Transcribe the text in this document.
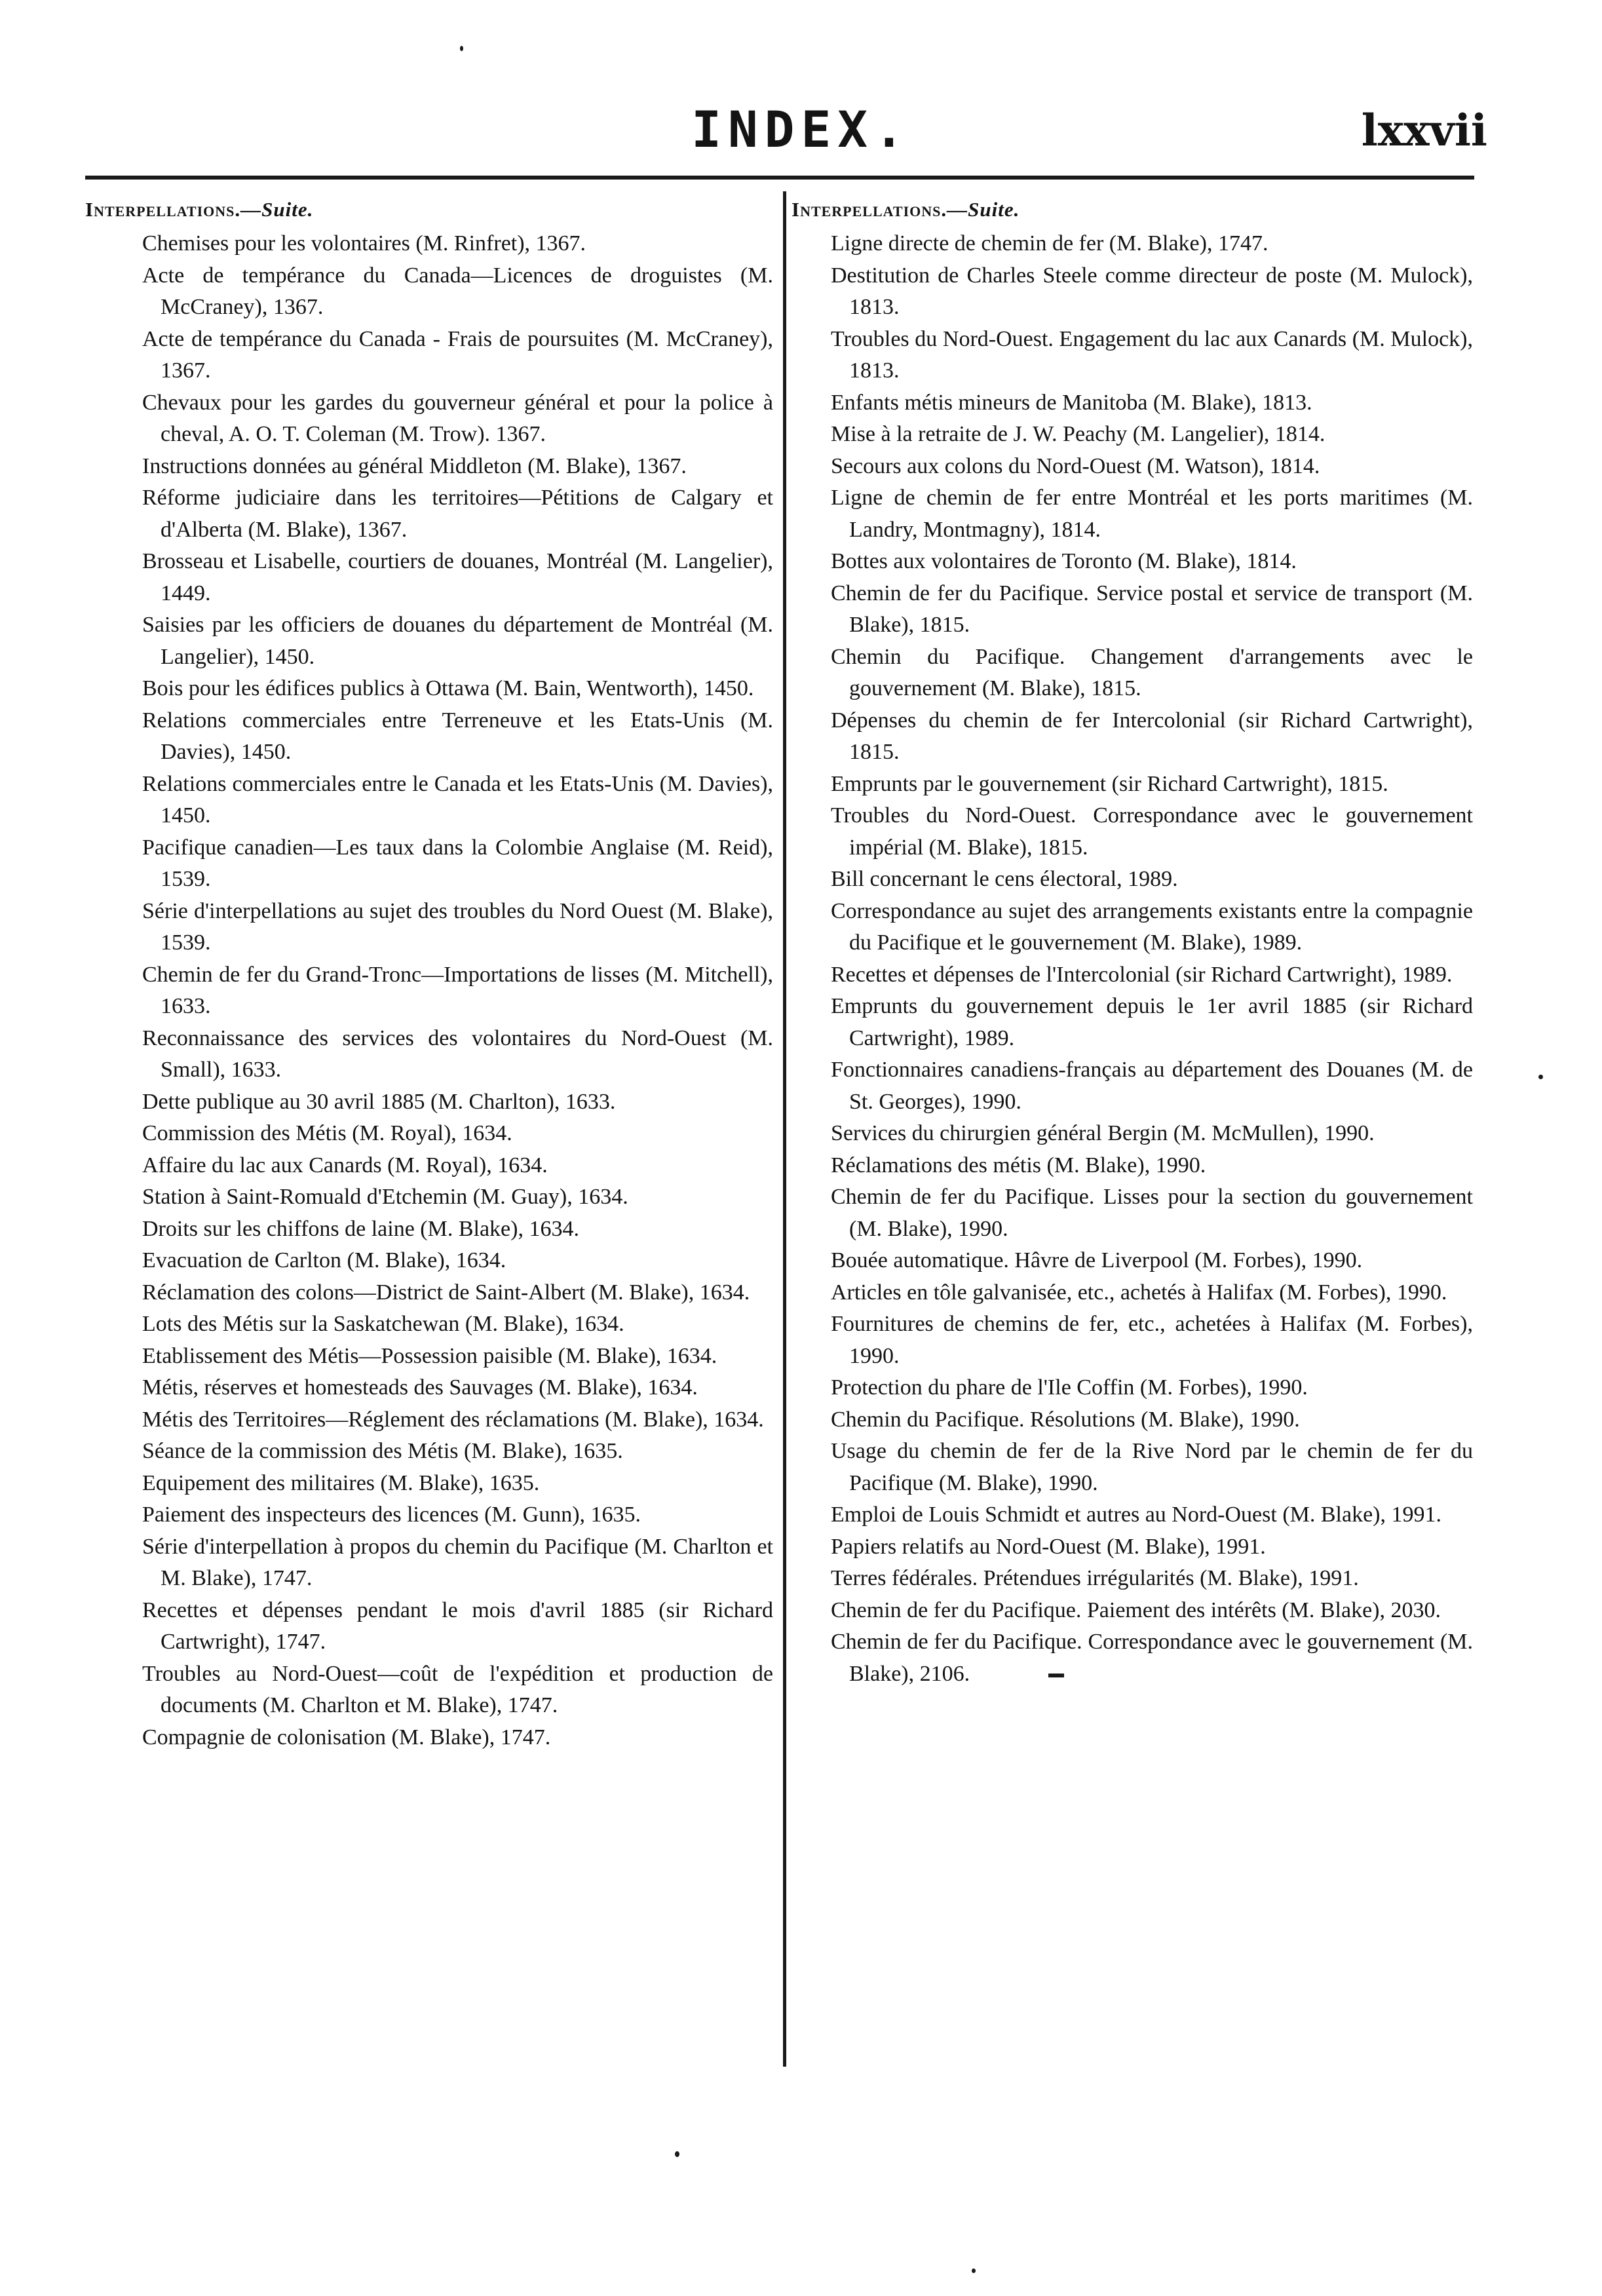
INDEX.	lxxvii
Interpellations.—Suite.
Chemises pour les volontaires (M. Rinfret), 1367.
Acte de tempérance du Canada—Licences de droguistes (M. McCraney), 1367.
Acte de tempérance du Canada - Frais de poursuites (M. McCraney), 1367.
Chevaux pour les gardes du gouverneur général et pour la police à cheval, A. O. T. Coleman (M. Trow). 1367.
Instructions données au général Middleton (M. Blake), 1367.
Réforme judiciaire dans les territoires—Pétitions de Calgary et d'Alberta (M. Blake), 1367.
Brosseau et Lisabelle, courtiers de douanes, Montréal (M. Langelier), 1449.
Saisies par les officiers de douanes du département de Montréal (M. Langelier), 1450.
Bois pour les édifices publics à Ottawa (M. Bain, Wentworth), 1450.
Relations commerciales entre Terreneuve et les Etats-Unis (M. Davies), 1450.
Relations commerciales entre le Canada et les Etats-Unis (M. Davies), 1450.
Pacifique canadien—Les taux dans la Colombie Anglaise (M. Reid), 1539.
Série d'interpellations au sujet des troubles du Nord Ouest (M. Blake), 1539.
Chemin de fer du Grand-Tronc—Importations de lisses (M. Mitchell), 1633.
Reconnaissance des services des volontaires du Nord-Ouest (M. Small), 1633.
Dette publique au 30 avril 1885 (M. Charlton), 1633.
Commission des Métis (M. Royal), 1634.
Affaire du lac aux Canards (M. Royal), 1634.
Station à Saint-Romuald d'Etchemin (M. Guay), 1634.
Droits sur les chiffons de laine (M. Blake), 1634.
Evacuation de Carlton (M. Blake), 1634.
Réclamation des colons—District de Saint-Albert (M. Blake), 1634.
Lots des Métis sur la Saskatchewan (M. Blake), 1634.
Etablissement des Métis—Possession paisible (M. Blake), 1634.
Métis, réserves et homesteads des Sauvages (M. Blake), 1634.
Métis des Territoires—Réglement des réclamations (M. Blake), 1634.
Séance de la commission des Métis (M. Blake), 1635.
Equipement des militaires (M. Blake), 1635.
Paiement des inspecteurs des licences (M. Gunn), 1635.
Série d'interpellation à propos du chemin du Pacifique (M. Charlton et M. Blake), 1747.
Recettes et dépenses pendant le mois d'avril 1885 (sir Richard Cartwright), 1747.
Troubles au Nord-Ouest—coût de l'expédition et production de documents (M. Charlton et M. Blake), 1747.
Compagnie de colonisation (M. Blake), 1747.
Interpellations.—Suite.
Ligne directe de chemin de fer (M. Blake), 1747.
Destitution de Charles Steele comme directeur de poste (M. Mulock), 1813.
Troubles du Nord-Ouest. Engagement du lac aux Canards (M. Mulock), 1813.
Enfants métis mineurs de Manitoba (M. Blake), 1813.
Mise à la retraite de J. W. Peachy (M. Langelier), 1814.
Secours aux colons du Nord-Ouest (M. Watson), 1814.
Ligne de chemin de fer entre Montréal et les ports maritimes (M. Landry, Montmagny), 1814.
Bottes aux volontaires de Toronto (M. Blake), 1814.
Chemin de fer du Pacifique. Service postal et service de transport (M. Blake), 1815.
Chemin du Pacifique. Changement d'arrangements avec le gouvernement (M. Blake), 1815.
Dépenses du chemin de fer Intercolonial (sir Richard Cartwright), 1815.
Emprunts par le gouvernement (sir Richard Cartwright), 1815.
Troubles du Nord-Ouest. Correspondance avec le gouvernement impérial (M. Blake), 1815.
Bill concernant le cens électoral, 1989.
Correspondance au sujet des arrangements existants entre la compagnie du Pacifique et le gouvernement (M. Blake), 1989.
Recettes et dépenses de l'Intercolonial (sir Richard Cartwright), 1989.
Emprunts du gouvernement depuis le 1er avril 1885 (sir Richard Cartwright), 1989.
Fonctionnaires canadiens-français au département des Douanes (M. de St. Georges), 1990.
Services du chirurgien général Bergin (M. McMullen), 1990.
Réclamations des métis (M. Blake), 1990.
Chemin de fer du Pacifique. Lisses pour la section du gouvernement (M. Blake), 1990.
Bouée automatique. Hâvre de Liverpool (M. Forbes), 1990.
Articles en tôle galvanisée, etc., achetés à Halifax (M. Forbes), 1990.
Fournitures de chemins de fer, etc., achetées à Halifax (M. Forbes), 1990.
Protection du phare de l'Ile Coffin (M. Forbes), 1990.
Chemin du Pacifique. Résolutions (M. Blake), 1990.
Usage du chemin de fer de la Rive Nord par le chemin de fer du Pacifique (M. Blake), 1990.
Emploi de Louis Schmidt et autres au Nord-Ouest (M. Blake), 1991.
Papiers relatifs au Nord-Ouest (M. Blake), 1991.
Terres fédérales. Prétendues irrégularités (M. Blake), 1991.
Chemin de fer du Pacifique. Paiement des intérêts (M. Blake), 2030.
Chemin de fer du Pacifique. Correspondance avec le gouvernement (M. Blake), 2106.
